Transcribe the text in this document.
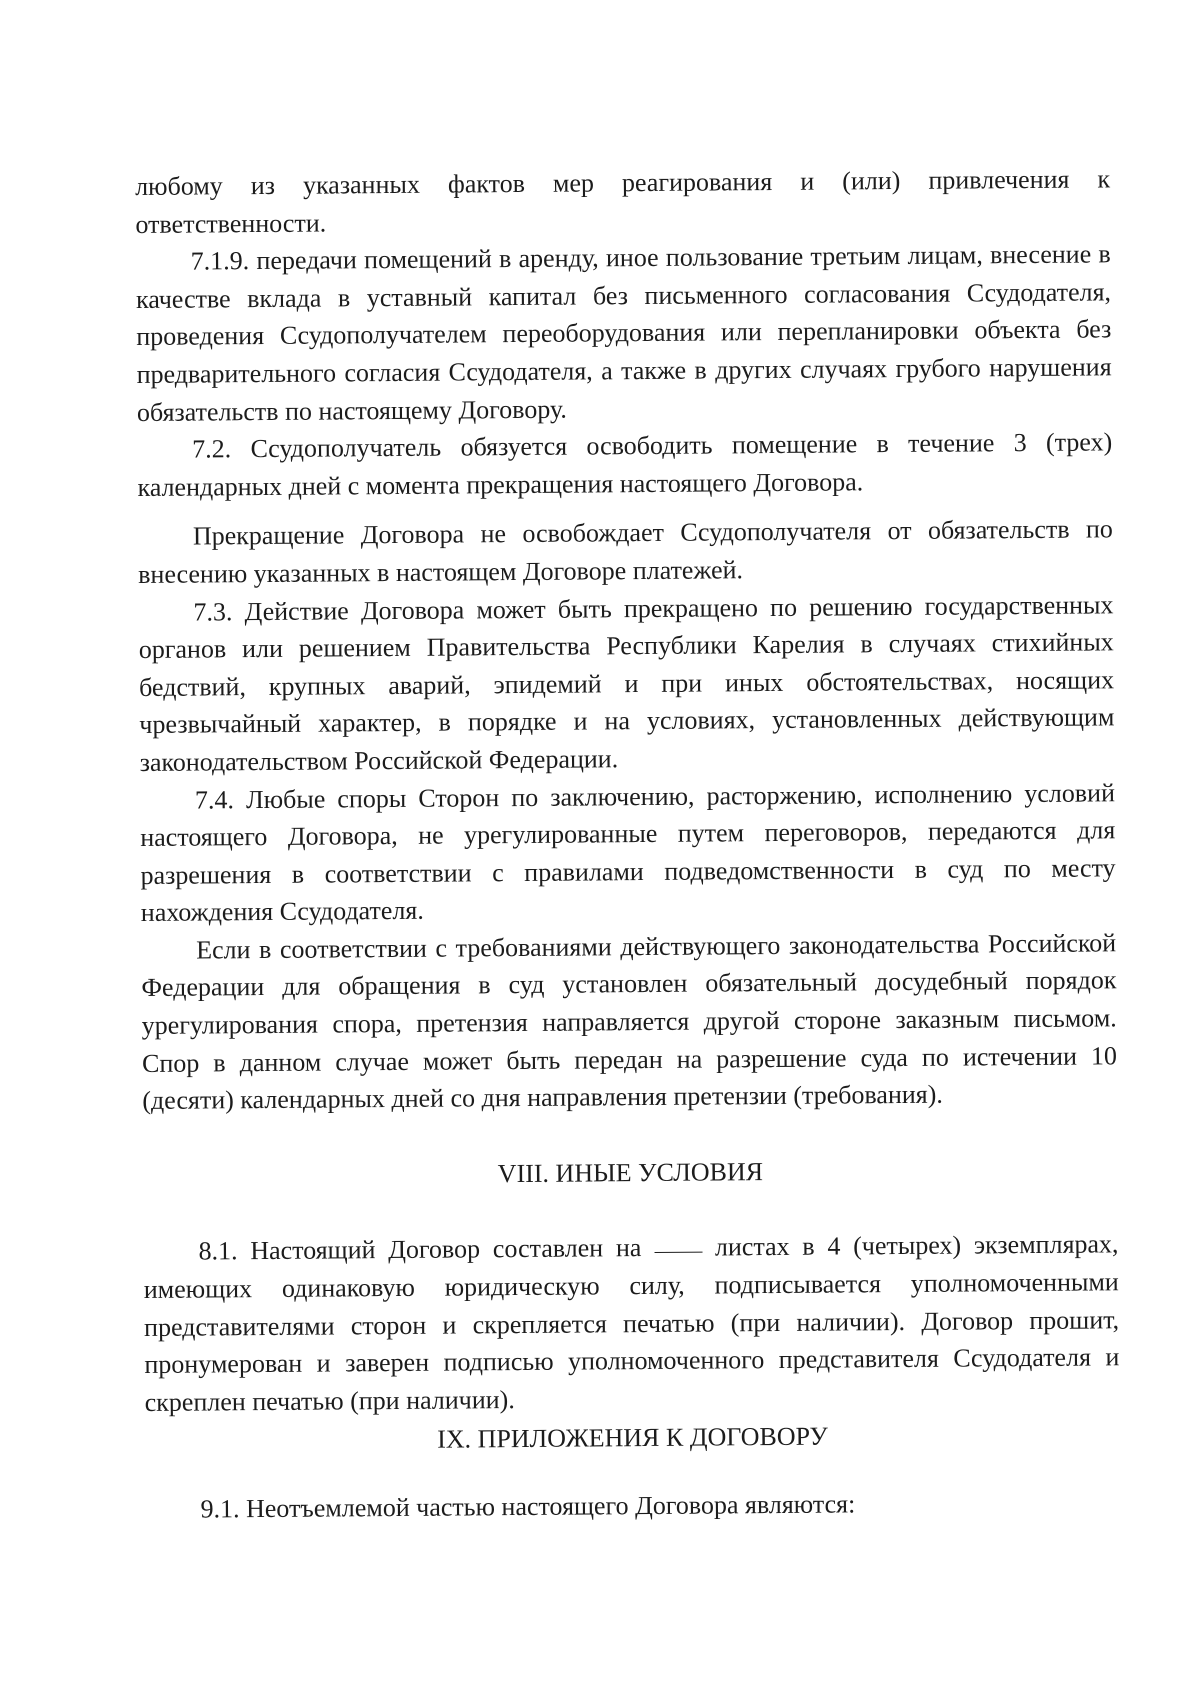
любому из указанных фактов мер реагирования и (или) привлечения к ответственности.

7.1.9. передачи помещений в аренду, иное пользование третьим лицам, внесение в качестве вклада в уставный капитал без письменного согласования Ссудодателя, проведения Ссудополучателем переоборудования или перепланировки объекта без предварительного согласия Ссудодателя, а также в других случаях грубого нарушения обязательств по настоящему Договору.

7.2. Ссудополучатель обязуется освободить помещение в течение 3 (трех) календарных дней с момента прекращения настоящего Договора.

Прекращение Договора не освобождает Ссудополучателя от обязательств по внесению указанных в настоящем Договоре платежей.

7.3. Действие Договора может быть прекращено по решению государственных органов или решением Правительства Республики Карелия в случаях стихийных бедствий, крупных аварий, эпидемий и при иных обстоятельствах, носящих чрезвычайный характер, в порядке и на условиях, установленных действующим законодательством Российской Федерации.

7.4. Любые споры Сторон по заключению, расторжению, исполнению условий настоящего Договора, не урегулированные путем переговоров, передаются для разрешения в соответствии с правилами подведомственности в суд по месту нахождения Ссудодателя.

Если в соответствии с требованиями действующего законодательства Российской Федерации для обращения в суд установлен обязательный досудебный порядок урегулирования спора, претензия направляется другой стороне заказным письмом. Спор в данном случае может быть передан на разрешение суда по истечении 10 (десяти) календарных дней со дня направления претензии (требования).

VIII. ИНЫЕ УСЛОВИЯ

8.1. Настоящий Договор составлен на	листах в 4 (четырех) экземплярах, имеющих одинаковую юридическую силу, подписывается уполномоченными представителями сторон и скрепляется печатью (при наличии). Договор прошит, пронумерован и заверен подписью уполномоченного представителя Ссудодателя и скреплен печатью (при наличии).

IX. ПРИЛОЖЕНИЯ К ДОГОВОРУ

9.1. Неотъемлемой частью настоящего Договора являются:
